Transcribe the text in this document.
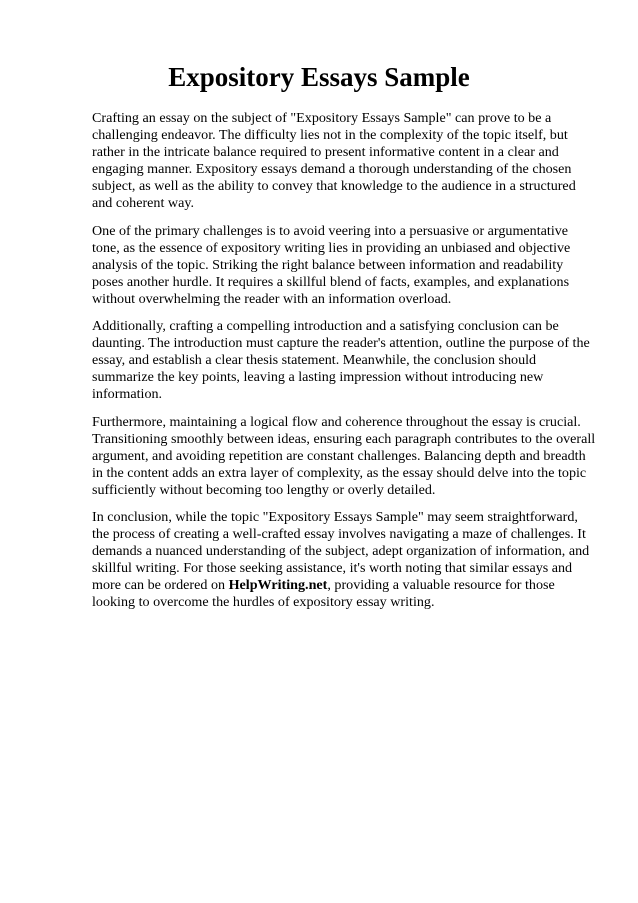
Expository Essays Sample

Crafting an essay on the subject of "Expository Essays Sample" can prove to be a challenging endeavor. The difficulty lies not in the complexity of the topic itself, but rather in the intricate balance required to present informative content in a clear and engaging manner. Expository essays demand a thorough understanding of the chosen subject, as well as the ability to convey that knowledge to the audience in a structured and coherent way.

One of the primary challenges is to avoid veering into a persuasive or argumentative tone, as the essence of expository writing lies in providing an unbiased and objective analysis of the topic. Striking the right balance between information and readability poses another hurdle. It requires a skillful blend of facts, examples, and explanations without overwhelming the reader with an information overload.

Additionally, crafting a compelling introduction and a satisfying conclusion can be daunting. The introduction must capture the reader's attention, outline the purpose of the essay, and establish a clear thesis statement. Meanwhile, the conclusion should summarize the key points, leaving a lasting impression without introducing new information.

Furthermore, maintaining a logical flow and coherence throughout the essay is crucial. Transitioning smoothly between ideas, ensuring each paragraph contributes to the overall argument, and avoiding repetition are constant challenges. Balancing depth and breadth in the content adds an extra layer of complexity, as the essay should delve into the topic sufficiently without becoming too lengthy or overly detailed.

In conclusion, while the topic "Expository Essays Sample" may seem straightforward, the process of creating a well-crafted essay involves navigating a maze of challenges. It demands a nuanced understanding of the subject, adept organization of information, and skillful writing. For those seeking assistance, it's worth noting that similar essays and more can be ordered on HelpWriting.net, providing a valuable resource for those looking to overcome the hurdles of expository essay writing.
